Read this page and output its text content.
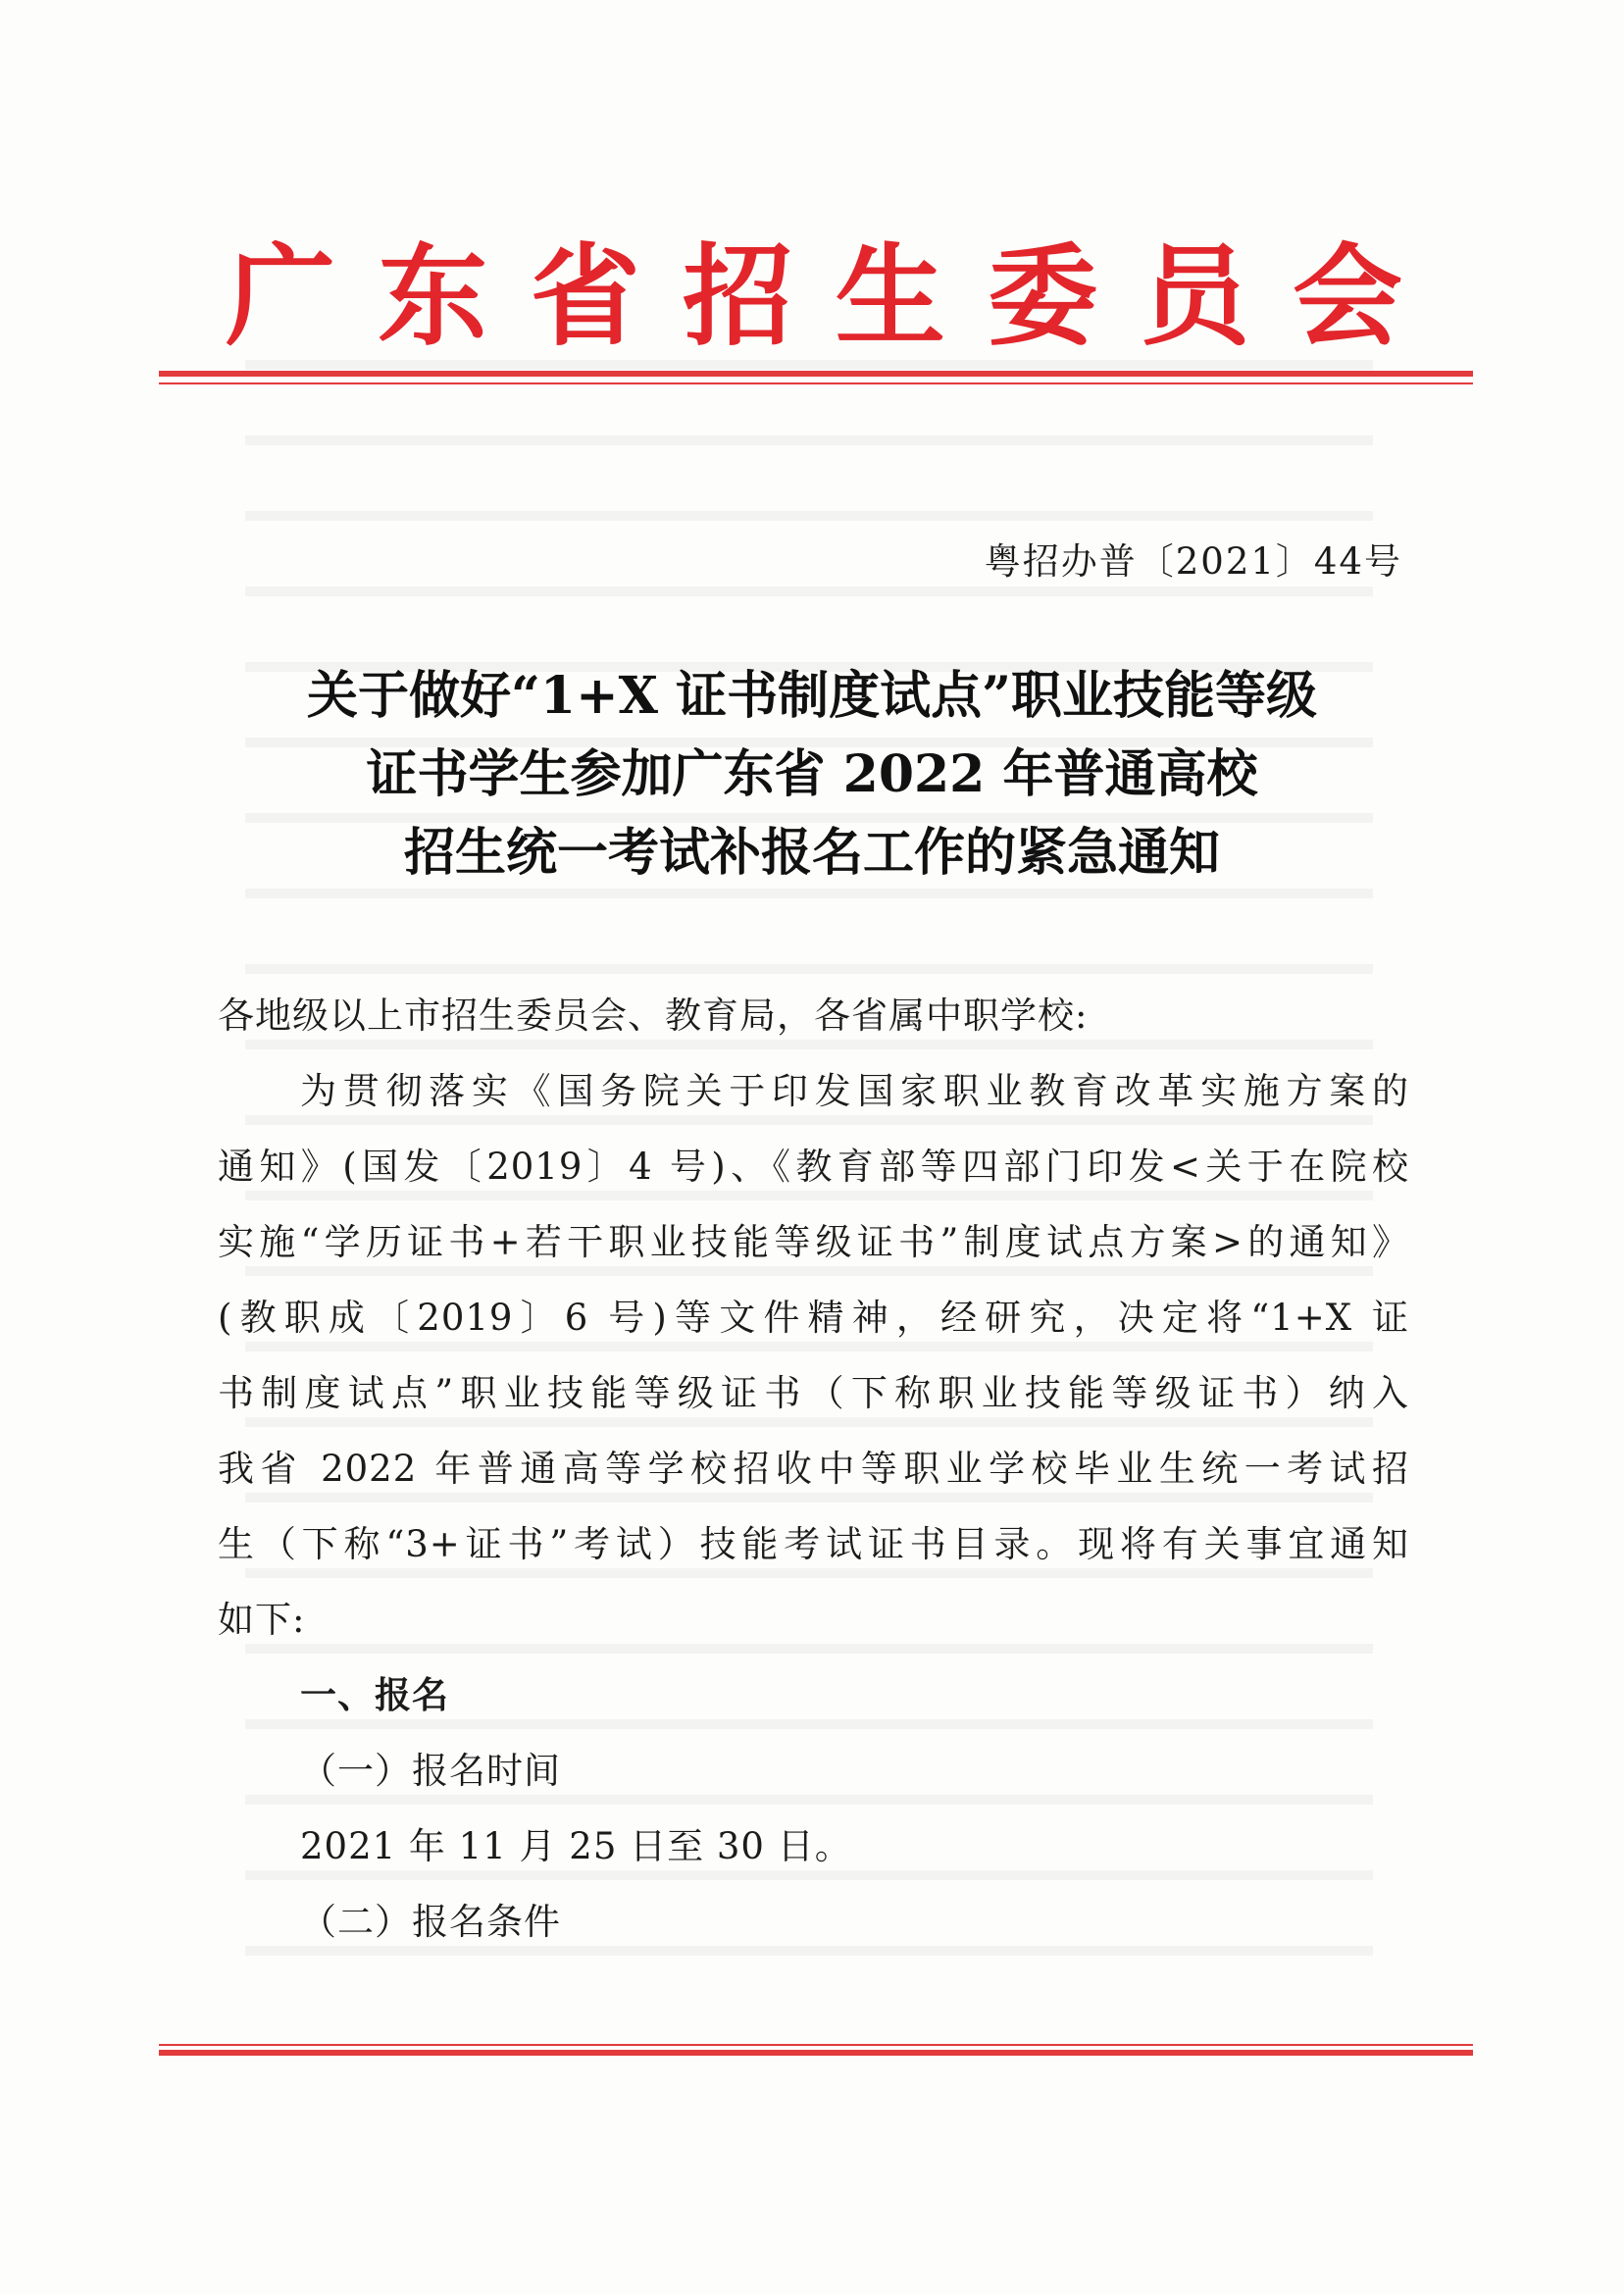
广 东 省 招 生 委 员 会
粤招办普〔2021〕44号
关于做好“1+X 证书制度试点”职业技能等级
证书学生参加广东省 2022 年普通高校
招生统一考试补报名工作的紧急通知
各地级以上市招生委员会、教育局，各省属中职学校:
为贯彻落实《国务院关于印发国家职业教育改革实施方案的
通知》(国发〔2019〕4 号)、《教育部等四部门印发<关于在院校
实施“学历证书+若干职业技能等级证书”制度试点方案>的通知》
(教职成〔2019〕6 号)等文件精神，经研究，决定将“1+X 证
书制度试点”职业技能等级证书（下称职业技能等级证书）纳入
我省 2022 年普通高等学校招收中等职业学校毕业生统一考试招
生（下称“3+证书”考试）技能考试证书目录。现将有关事宜通知
如下:
一、报名
（一）报名时间
2021 年 11 月 25 日至 30 日。
（二）报名条件
